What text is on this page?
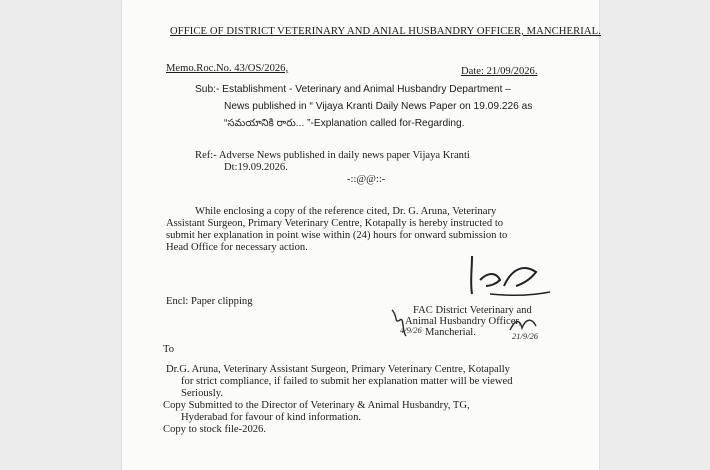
OFFICE OF DISTRICT VETERINARY AND ANIAL HUSBANDRY OFFICER, MANCHERIAL.
Memo.Roc.No. 43/OS/2026,	Date: 21/09/2026.
Sub:- Establishment - Veterinary and Animal Husbandry Department –
News published in “ Vijaya Kranti Daily News Paper on 19.09.226 as
“సమయానికి రారు... ”-Explanation called for-Regarding.
Ref:- Adverse News published in daily news paper Vijaya Kranti
Dt:19.09.2026.
-::@@::-
While enclosing a copy of the reference cited, Dr. G. Aruna, Veterinary
Assistant Surgeon, Primary Veterinary Centre, Kotapally is hereby instructed to
submit her explanation in point wise within (24) hours for onward submission to
Head Office for necessary action.
Encl: Paper clipping
FAC District Veterinary and
Animal Husbandry Officer,
Mancherial.
4/9/26
21/9/26
To
Dr.G. Aruna, Veterinary Assistant Surgeon, Primary Veterinary Centre, Kotapally
for strict compliance, if failed to submit her explanation matter will be viewed
Seriously.
Copy Submitted to the Director of Veterinary & Animal Husbandry, TG,
Hyderabad for favour of kind information.
Copy to stock file-2026.
